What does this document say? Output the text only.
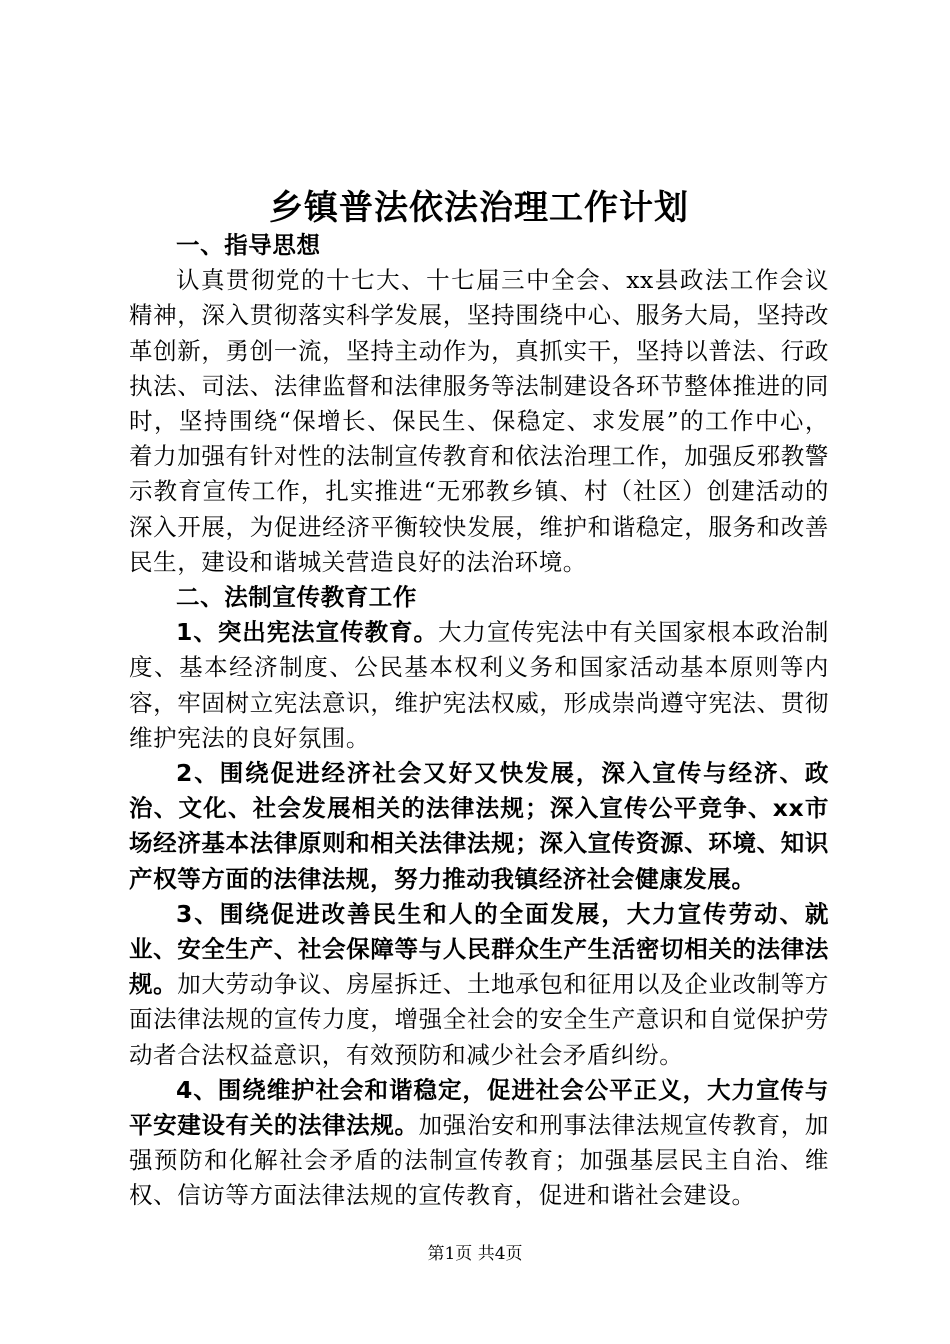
乡镇普法依法治理工作计划

一、指导思想

认真贯彻党的十七大、十七届三中全会、xx县政法工作会议精神，深入贯彻落实科学发展，坚持围绕中心、服务大局，坚持改革创新，勇创一流，坚持主动作为，真抓实干，坚持以普法、行政执法、司法、法律监督和法律服务等法制建设各环节整体推进的同时，坚持围绕“保增长、保民生、保稳定、求发展”的工作中心，着力加强有针对性的法制宣传教育和依法治理工作，加强反邪教警示教育宣传工作，扎实推进“无邪教乡镇、村（社区）创建活动的深入开展，为促进经济平衡较快发展，维护和谐稳定，服务和改善民生，建设和谐城关营造良好的法治环境。

二、法制宣传教育工作

1、突出宪法宣传教育。大力宣传宪法中有关国家根本政治制度、基本经济制度、公民基本权利义务和国家活动基本原则等内容，牢固树立宪法意识，维护宪法权威，形成崇尚遵守宪法、贯彻维护宪法的良好氛围。

2、围绕促进经济社会又好又快发展，深入宣传与经济、政治、文化、社会发展相关的法律法规；深入宣传公平竞争、xx市场经济基本法律原则和相关法律法规；深入宣传资源、环境、知识产权等方面的法律法规，努力推动我镇经济社会健康发展。

3、围绕促进改善民生和人的全面发展，大力宣传劳动、就业、安全生产、社会保障等与人民群众生产生活密切相关的法律法规。加大劳动争议、房屋拆迁、土地承包和征用以及企业改制等方面法律法规的宣传力度，增强全社会的安全生产意识和自觉保护劳动者合法权益意识，有效预防和减少社会矛盾纠纷。

4、围绕维护社会和谐稳定，促进社会公平正义，大力宣传与平安建设有关的法律法规。加强治安和刑事法律法规宣传教育，加强预防和化解社会矛盾的法制宣传教育；加强基层民主自治、维权、信访等方面法律法规的宣传教育，促进和谐社会建设。

第1页 共4页
